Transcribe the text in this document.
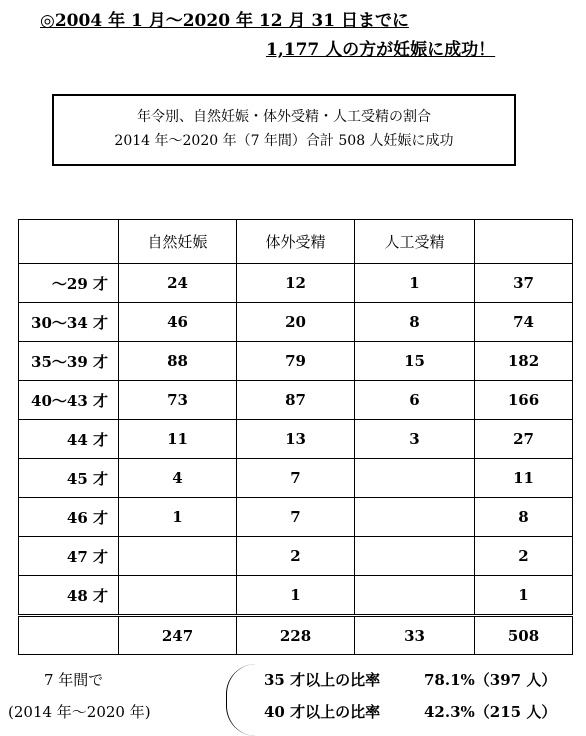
◎2004 年 1 月～2020 年 12 月 31 日までに
1,177 人の方が妊娠に成功！
年令別、自然妊娠・体外受精・人工受精の割合
2014 年～2020 年（7 年間）合計 508 人妊娠に成功
	自然妊娠	体外受精	人工受精	
～29 才	24	12	1	37
30～34 才	46	20	8	74
35～39 才	88	79	15	182
40～43 才	73	87	6	166
44 才	11	13	3	27
45 才	4	7		11
46 才	1	7		8
47 才		2		2
48 才		1		1
	247	228	33	508
7 年間で
(2014 年～2020 年)
35 才以上の比率	78.1%（397 人）
40 才以上の比率	42.3%（215 人）
